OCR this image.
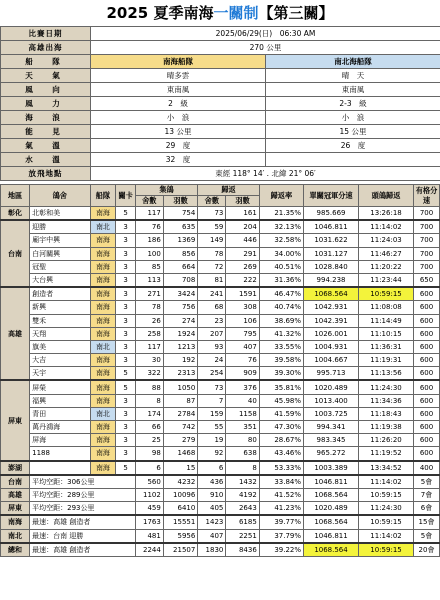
2025 夏季南海一關制【第三關】
比賽日期	2025/06/29(日)　06:30 AM	
高雄出海	270 公里	
船　隊	南海船隊	南北海船隊
天　氣	晴多雲	晴　天
風　向	東南風	東南風
風　力	2　級	2-3　級
海　浪	小　浪	小　浪
能　見	13 公里	15 公里
氣　溫	29　度	26　度
水　溫	32　度	
放飛地點	東經 118° 14′ . 北緯 21° 06′	
地區	鴿舍	船隊	關卡	集鴿		歸返		歸返率	單關冠軍分速	頭鴿歸返	有格分速
				舍數	羽數	舍數	羽數				
彰化	北彰和美	南海	5	117	754	73	161	21.35%	985.669	13:26:18	700
台南	迎勝	南北	3	76	635	59	204	32.13%	1046.811	11:14:02	700
	廟宇中興	南海	3	186	1369	149	446	32.58%	1031.622	11:24:03	700
	白河關興	南海	3	100	856	78	291	34.00%	1031.127	11:46:27	700
	冠聖	南海	3	85	664	72	269	40.51%	1028.840	11:20:22	700
	大台興	南海	3	113	708	81	222	31.36%	994.238	11:23:44	650
高雄	創造者	南海	3	271	3424	241	1591	46.47%	1068.564	10:59:15	600
	新興	南海	3	78	756	68	308	40.74%	1042.931	11:08:08	600
	雙禾	南海	3	26	274	23	106	38.69%	1042.391	11:14:49	600
	天翔	南海	3	258	1924	207	795	41.32%	1026.001	11:10:15	600
	旗美	南北	3	117	1213	93	407	33.55%	1004.931	11:36:31	600
	大吉	南海	3	30	192	24	76	39.58%	1004.667	11:19:31	600
	天宇	南海	5	322	2313	254	909	39.30%	995.713	11:13:56	600
屏東	屏榮	南海	5	88	1050	73	376	35.81%	1020.489	11:24:30	600
	福興	南海	3	8	87	7	40	45.98%	1013.400	11:34:36	600
	青田	南北	3	174	2784	159	1158	41.59%	1003.725	11:18:43	600
	萬丹鴻海	南海	3	66	742	55	351	47.30%	994.341	11:19:38	600
	屏海	南海	3	25	279	19	80	28.67%	983.345	11:26:20	600
	1188	南海	3	98	1468	92	638	43.46%	965.272	11:19:52	600
澎湖		南海	5	6	15	6	8	53.33%	1003.389	13:34:52	400
台南	平均空距：306公里			560	4232	436	1432	33.84%	1046.811	11:14:02	5會
高雄	平均空距：289公里			1102	10096	910	4192	41.52%	1068.564	10:59:15	7會
屏東	平均空距：293公里			459	6410	405	2643	41.23%	1020.489	11:24:30	6會
南海	最速：高雄 創造者			1763	15551	1423	6185	39.77%	1068.564	10:59:15	15會
南北	最速：台南 迎勝			481	5956	407	2251	37.79%	1046.811	11:14:02	5會
總和	最速：高雄 創造者			2244	21507	1830	8436	39.22%	1068.564	10:59:15	20會
